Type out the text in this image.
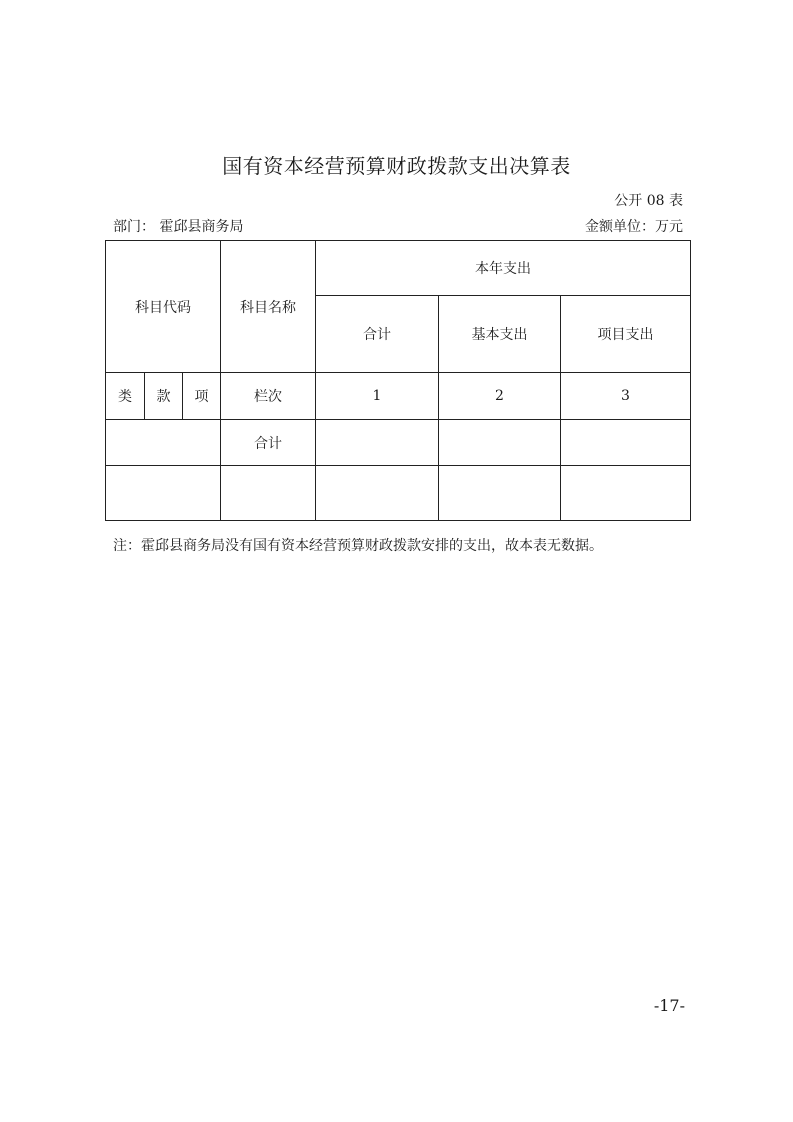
国有资本经营预算财政拨款支出决算表
公开 08 表
部门： 霍邱县商务局	金额单位：万元
科目代码			科目名称	本年支出		
				合计	基本支出	项目支出
类	款	项	栏次	1	2	3
			合计			

注：霍邱县商务局没有国有资本经营预算财政拨款安排的支出，故本表无数据。
-17-
